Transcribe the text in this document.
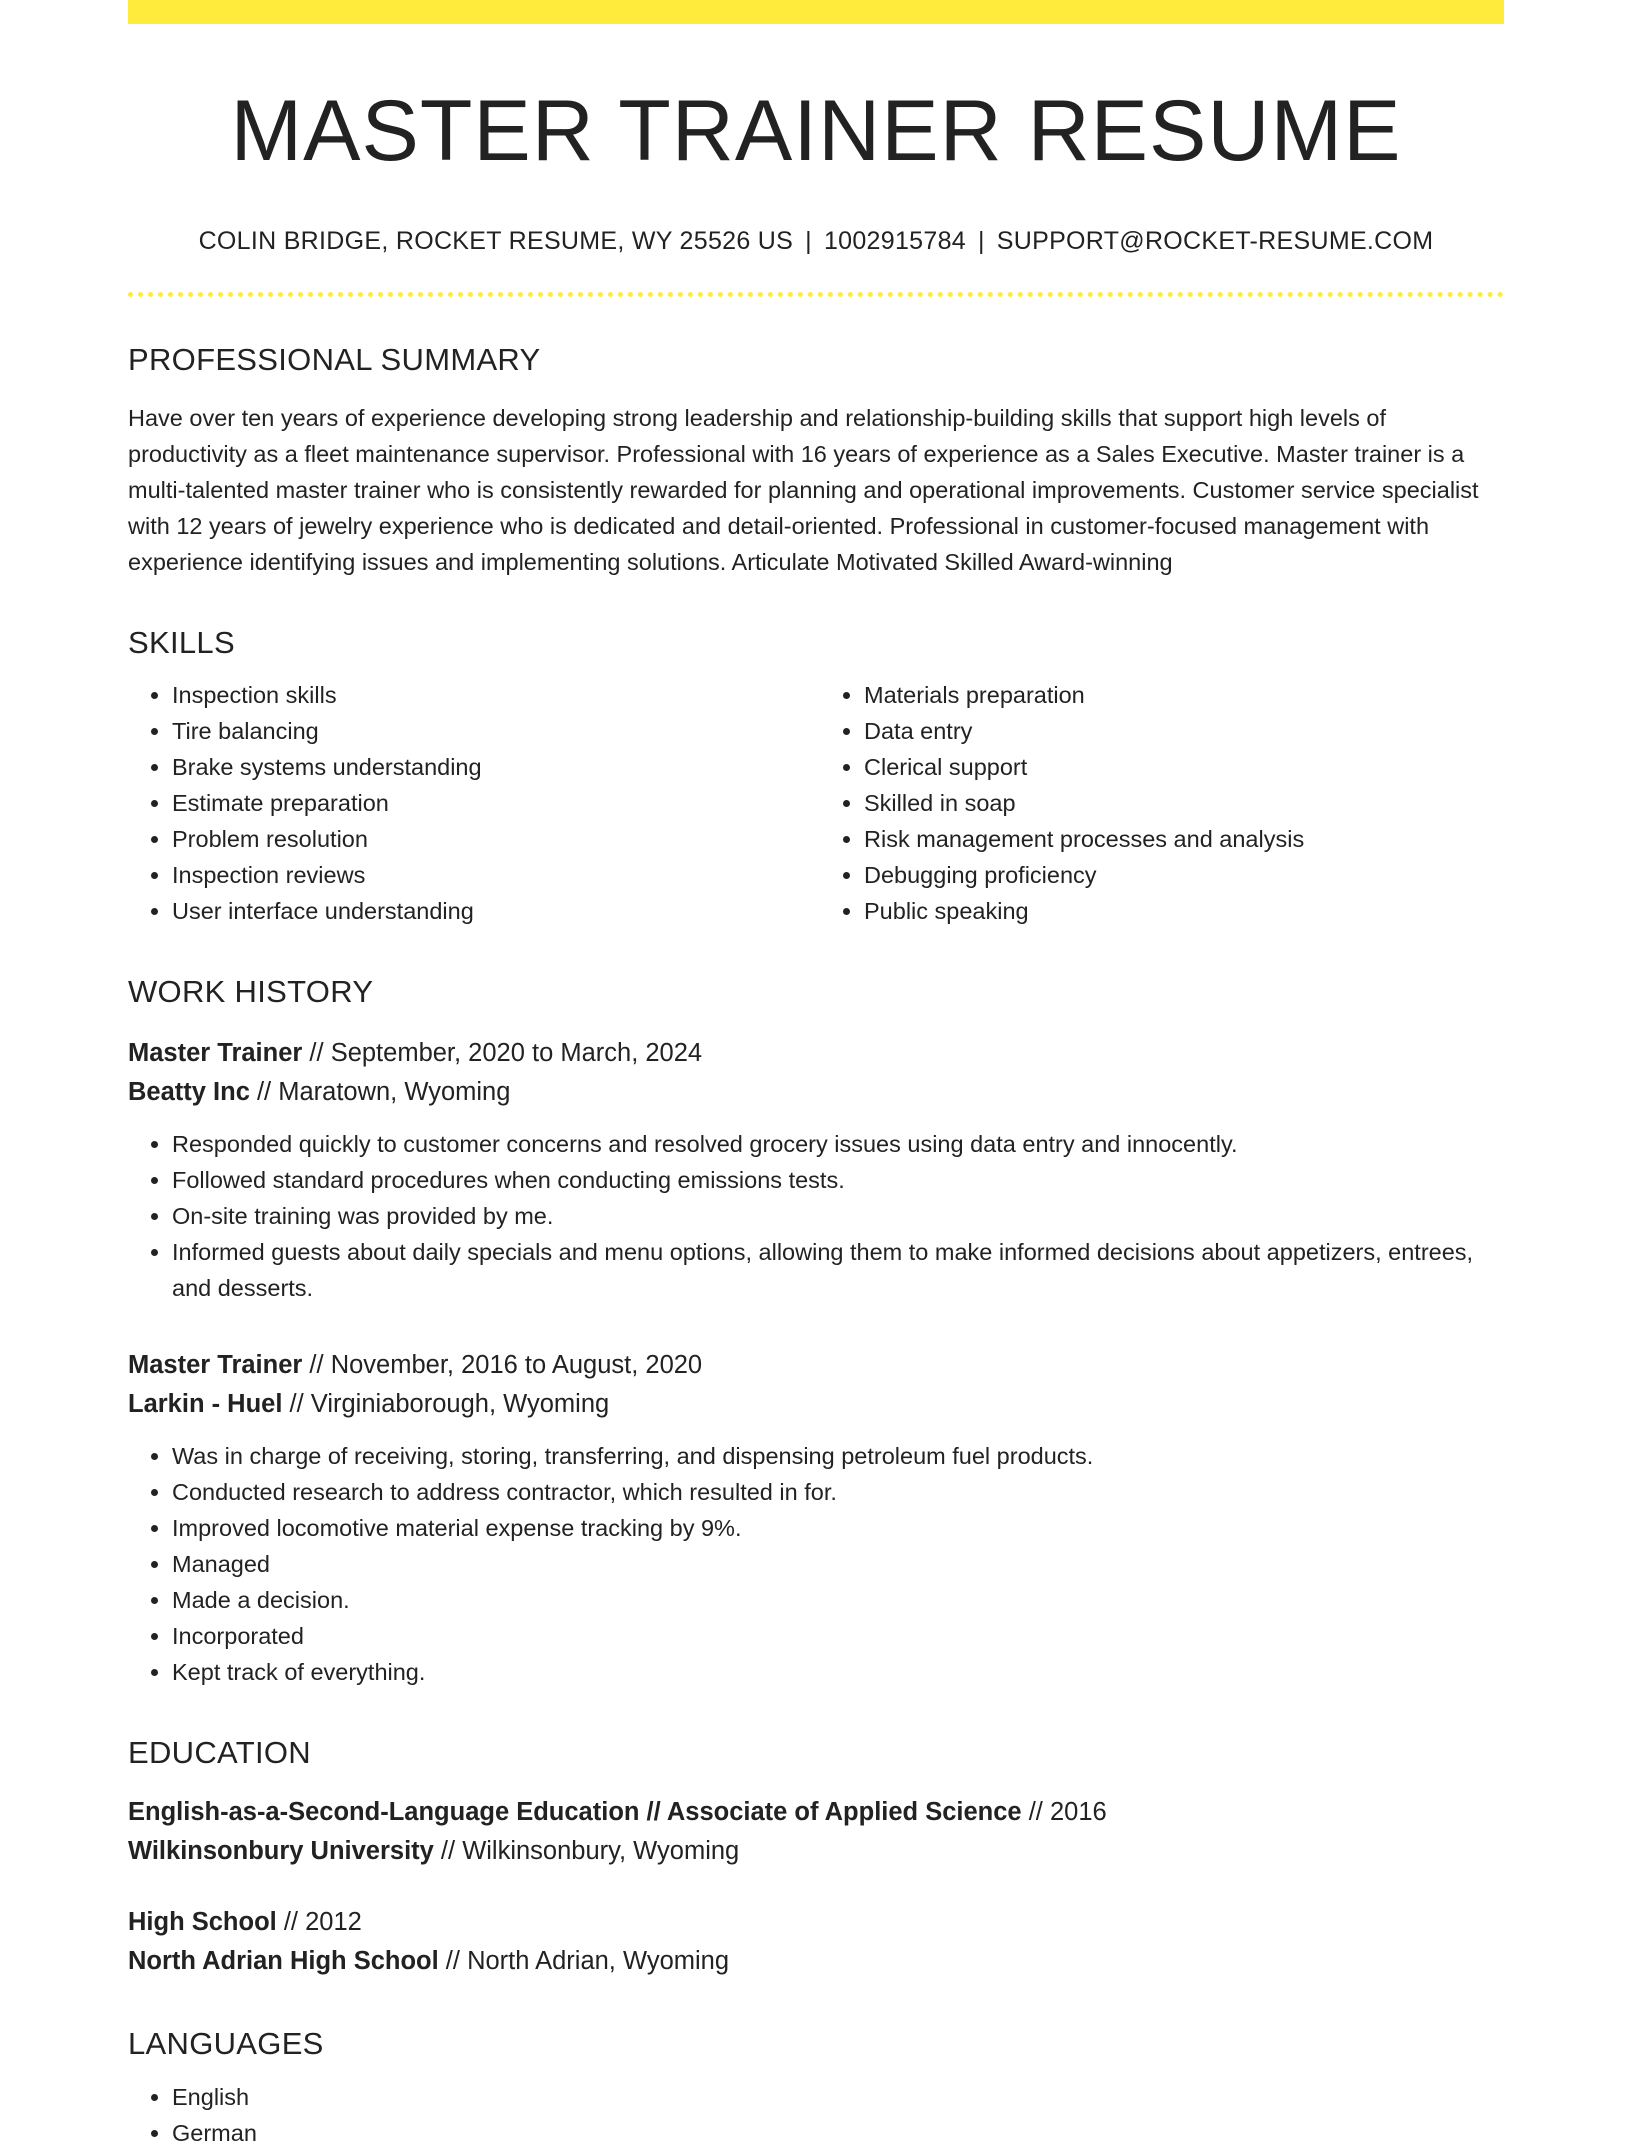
MASTER TRAINER RESUME
COLIN BRIDGE, ROCKET RESUME, WY 25526 US | 1002915784 | SUPPORT@ROCKET-RESUME.COM
PROFESSIONAL SUMMARY
Have over ten years of experience developing strong leadership and relationship-building skills that support high levels of productivity as a fleet maintenance supervisor. Professional with 16 years of experience as a Sales Executive. Master trainer is a multi-talented master trainer who is consistently rewarded for planning and operational improvements. Customer service specialist with 12 years of jewelry experience who is dedicated and detail-oriented. Professional in customer-focused management with experience identifying issues and implementing solutions. Articulate Motivated Skilled Award-winning
SKILLS
• Inspection skills
• Tire balancing
• Brake systems understanding
• Estimate preparation
• Problem resolution
• Inspection reviews
• User interface understanding
• Materials preparation
• Data entry
• Clerical support
• Skilled in soap
• Risk management processes and analysis
• Debugging proficiency
• Public speaking
WORK HISTORY
Master Trainer // September, 2020 to March, 2024
Beatty Inc // Maratown, Wyoming
• Responded quickly to customer concerns and resolved grocery issues using data entry and innocently.
• Followed standard procedures when conducting emissions tests.
• On-site training was provided by me.
• Informed guests about daily specials and menu options, allowing them to make informed decisions about appetizers, entrees, and desserts.
Master Trainer // November, 2016 to August, 2020
Larkin - Huel // Virginiaborough, Wyoming
• Was in charge of receiving, storing, transferring, and dispensing petroleum fuel products.
• Conducted research to address contractor, which resulted in for.
• Improved locomotive material expense tracking by 9%.
• Managed
• Made a decision.
• Incorporated
• Kept track of everything.
EDUCATION
English-as-a-Second-Language Education // Associate of Applied Science // 2016
Wilkinsonbury University // Wilkinsonbury, Wyoming
High School // 2012
North Adrian High School // North Adrian, Wyoming
LANGUAGES
• English
• German
